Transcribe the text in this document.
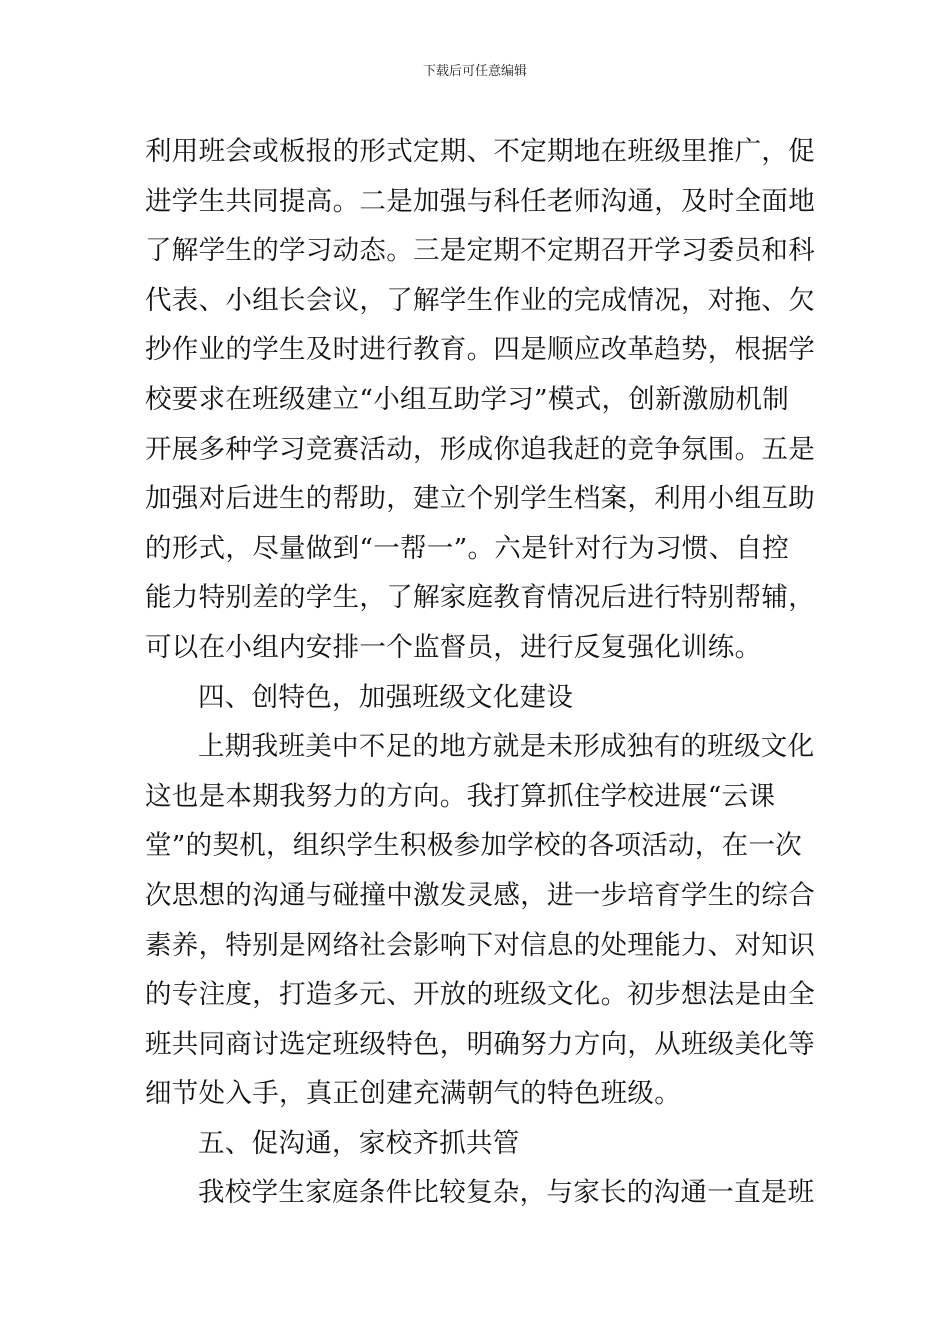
下载后可任意编辑
利用班会或板报的形式定期、不定期地在班级里推广，促
进学生共同提高。二是加强与科任老师沟通，及时全面地
了解学生的学习动态。三是定期不定期召开学习委员和科
代表、小组长会议，了解学生作业的完成情况，对拖、欠
抄作业的学生及时进行教育。四是顺应改革趋势，根据学
校要求在班级建立“小组互助学习”模式，创新激励机制
开展多种学习竞赛活动，形成你追我赶的竞争氛围。五是
加强对后进生的帮助，建立个别学生档案，利用小组互助
的形式，尽量做到“一帮一”。六是针对行为习惯、自控
能力特别差的学生，了解家庭教育情况后进行特别帮辅，
可以在小组内安排一个监督员，进行反复强化训练。
四、创特色，加强班级文化建设
上期我班美中不足的地方就是未形成独有的班级文化
这也是本期我努力的方向。我打算抓住学校进展“云课
堂”的契机，组织学生积极参加学校的各项活动，在一次
次思想的沟通与碰撞中激发灵感，进一步培育学生的综合
素养，特别是网络社会影响下对信息的处理能力、对知识
的专注度，打造多元、开放的班级文化。初步想法是由全
班共同商讨选定班级特色，明确努力方向，从班级美化等
细节处入手，真正创建充满朝气的特色班级。
五、促沟通，家校齐抓共管
我校学生家庭条件比较复杂，与家长的沟通一直是班
